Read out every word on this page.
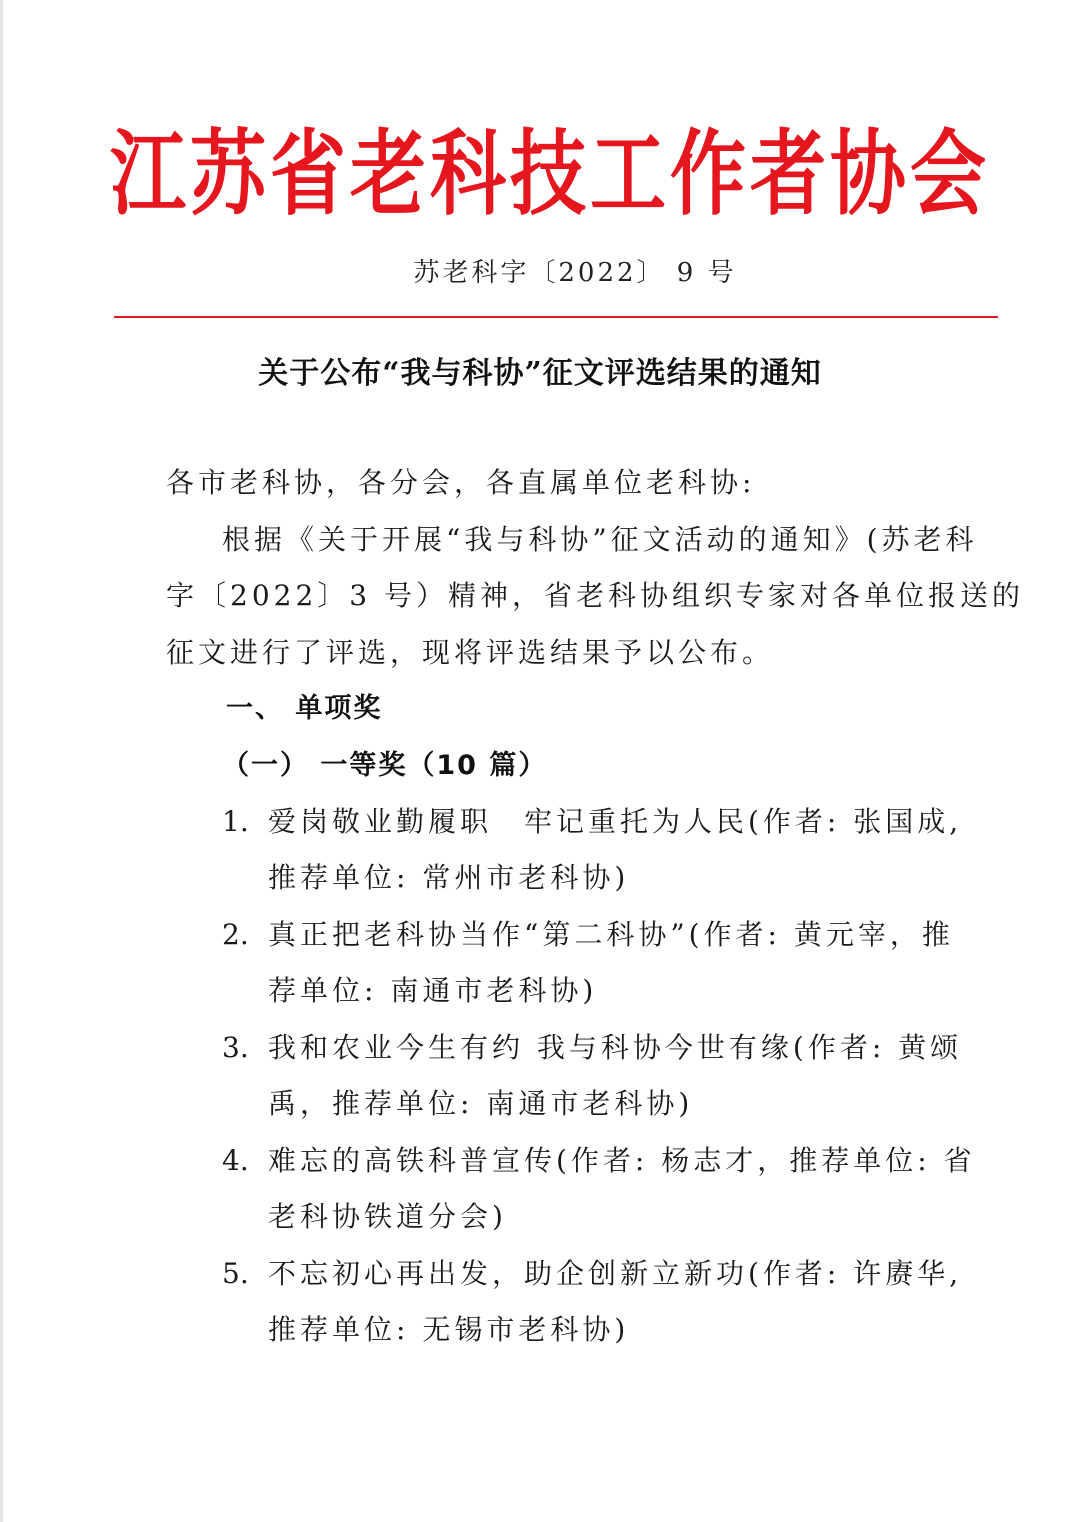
江苏省老科技工作者协会
苏老科字〔2022〕 9 号
关于公布“我与科协”征文评选结果的通知
各市老科协，各分会，各直属单位老科协:
根据《关于开展“我与科协”征文活动的通知》(苏老科
字〔2022〕3 号）精神，省老科协组织专家对各单位报送的
征文进行了评选，现将评选结果予以公布。
一、 单项奖
（一） 一等奖（10 篇）
1. 爱岗敬业勤履职　牢记重托为人民(作者: 张国成,
推荐单位: 常州市老科协)
2. 真正把老科协当作“第二科协”(作者: 黄元宰，推
荐单位: 南通市老科协)
3. 我和农业今生有约 我与科协今世有缘(作者: 黄颂
禹，推荐单位: 南通市老科协)
4. 难忘的高铁科普宣传(作者: 杨志才，推荐单位: 省
老科协铁道分会)
5. 不忘初心再出发，助企创新立新功(作者: 许赓华,
推荐单位: 无锡市老科协)
